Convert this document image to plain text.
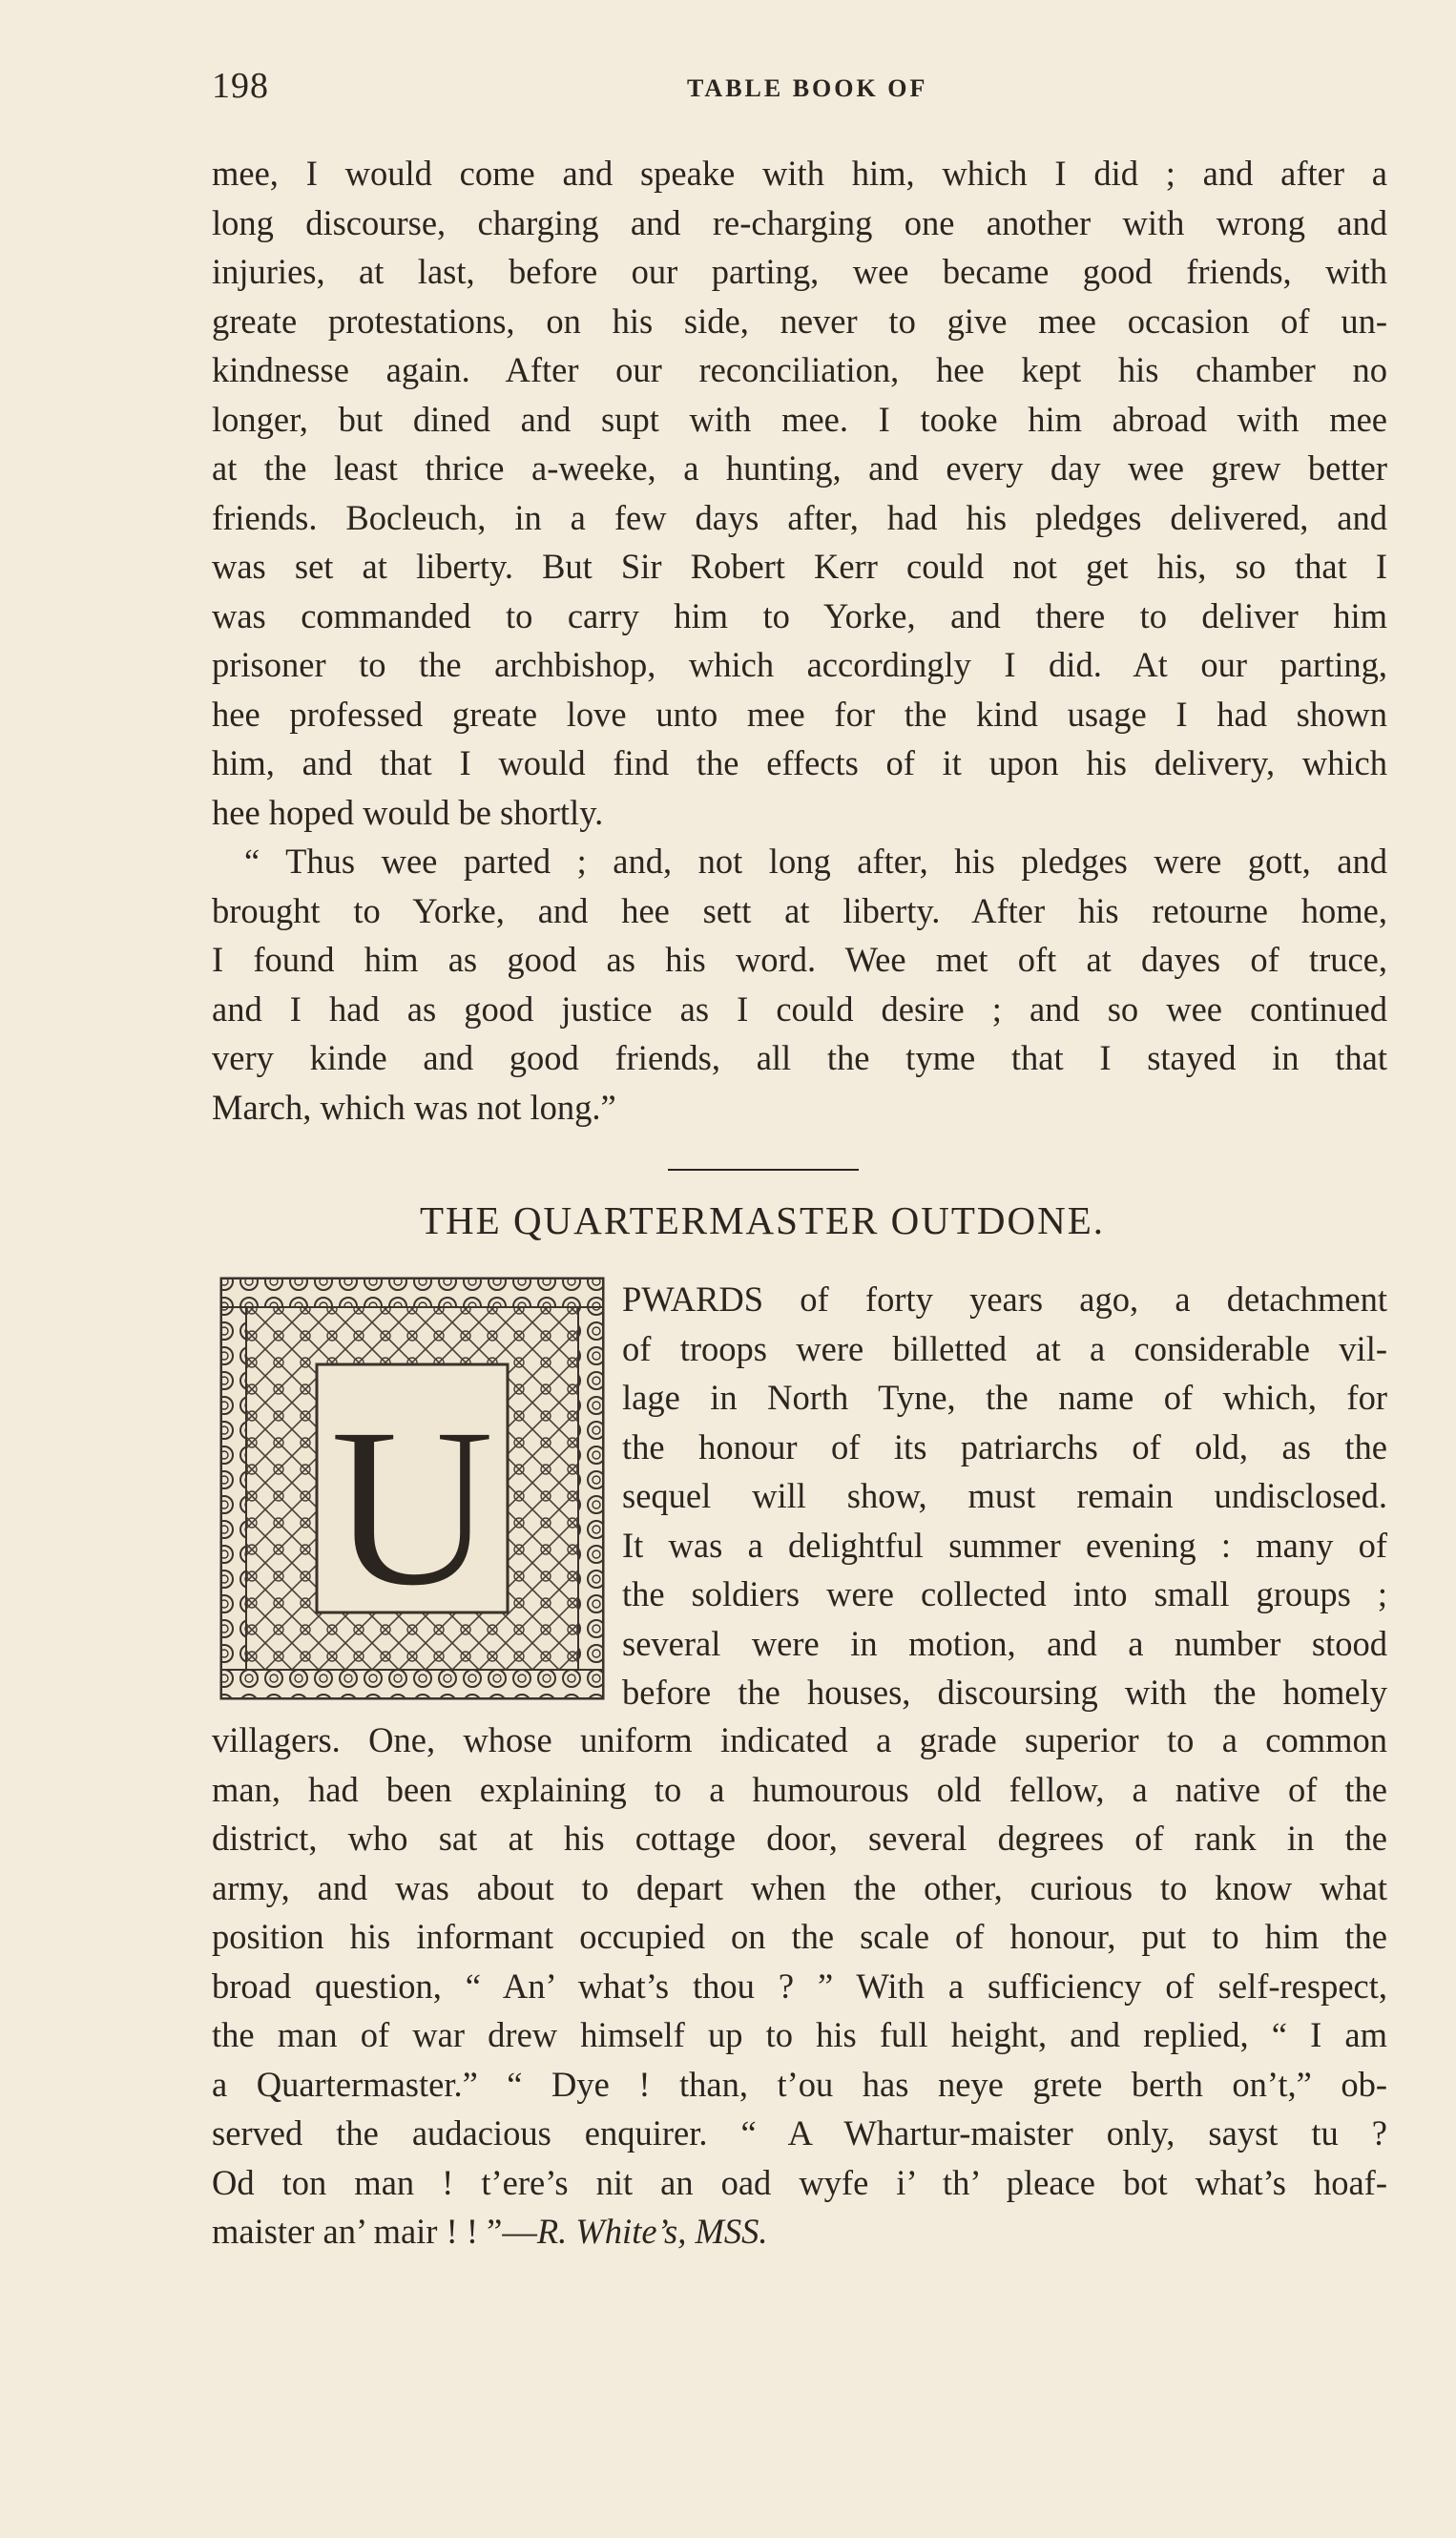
198	TABLE BOOK OF

mee, I would come and speake with him, which I did ; and after a

long discourse, charging and re-charging one another with wrong and

injuries, at last, before our parting, wee became good friends, with

greate protestations, on his side, never to give mee occasion of un-

kindnesse again. After our reconciliation, hee kept his chamber no

longer, but dined and supt with mee. I tooke him abroad with mee

at the least thrice a-weeke, a hunting, and every day wee grew better

friends. Bocleuch, in a few days after, had his pledges delivered, and

was set at liberty. But Sir Robert Kerr could not get his, so that I

was commanded to carry him to Yorke, and there to deliver him

prisoner to the archbishop, which accordingly I did. At our parting,

hee professed greate love unto mee for the kind usage I had shown

him, and that I would find the effects of it upon his delivery, which

hee hoped would be shortly.

“ Thus wee parted ; and, not long after, his pledges were gott, and

brought to Yorke, and hee sett at liberty. After his retourne home,

I found him as good as his word. Wee met oft at dayes of truce,

and I had as good justice as I could desire ; and so wee continued

very kinde and good friends, all the tyme that I stayed in that

March, which was not long.”

THE QUARTERMASTER OUTDONE.
U

PWARDS of forty years ago, a detachment

of troops were billetted at a considerable vil-

lage in North Tyne, the name of which, for

the honour of its patriarchs of old, as the

sequel will show, must remain undisclosed.

It was a delightful summer evening : many of

the soldiers were collected into small groups ;

several were in motion, and a number stood

before the houses, discoursing with the homely

villagers. One, whose uniform indicated a grade superior to a common

man, had been explaining to a humourous old fellow, a native of the

district, who sat at his cottage door, several degrees of rank in the

army, and was about to depart when the other, curious to know what

position his informant occupied on the scale of honour, put to him the

broad question, “ An’ what’s thou ? ” With a sufficiency of self-respect,

the man of war drew himself up to his full height, and replied, “ I am

a Quartermaster.” “ Dye ! than, t’ou has neye grete berth on’t,” ob-

served the audacious enquirer. “ A Whartur-maister only, sayst tu ?

Od ton man ! t’ere’s nit an oad wyfe i’ th’ pleace bot what’s hoaf-

maister an’ mair ! ! ”—R. White’s, MSS.
